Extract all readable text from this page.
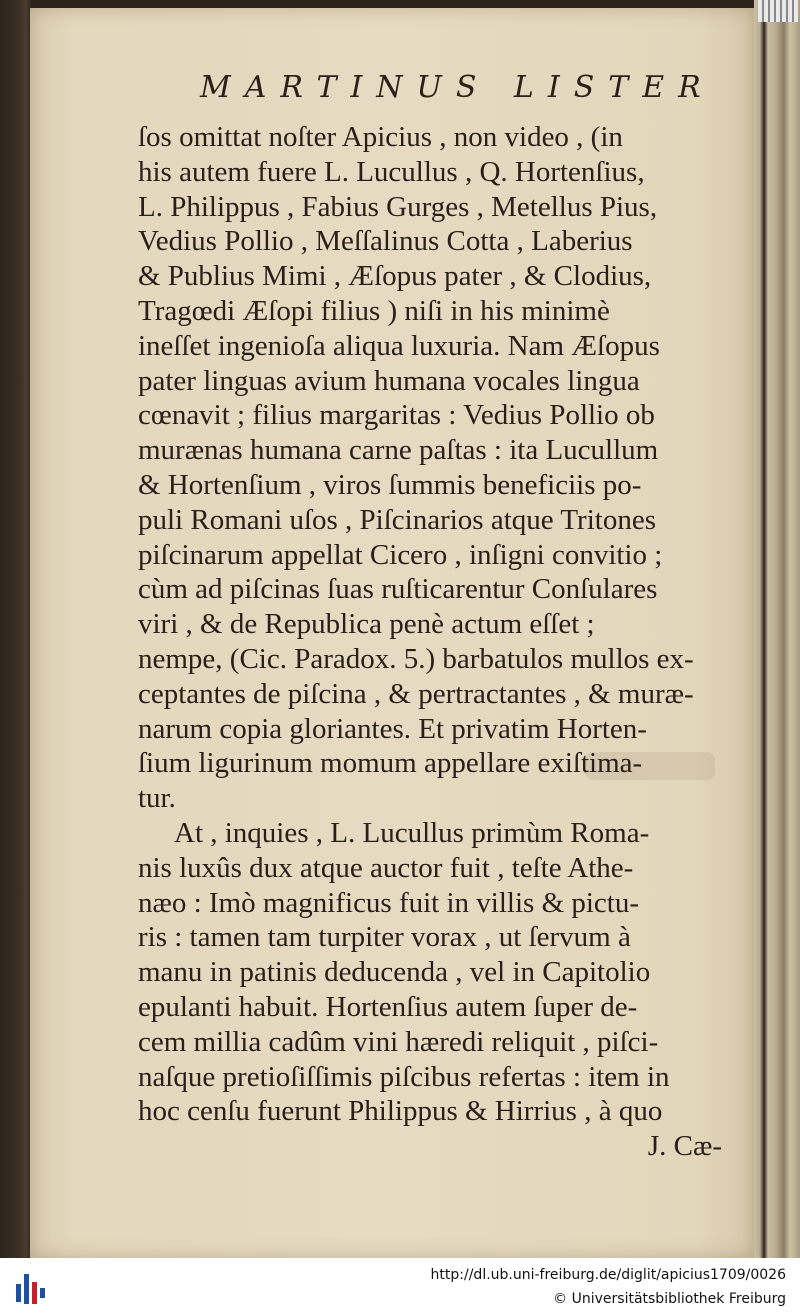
MARTINUS LISTER
ſos omittat noſter Apicius , non video , (in
his autem fuere L. Lucullus , Q. Hortenſius,
L. Philippus , Fabius Gurges , Metellus Pius,
Vedius Pollio , Meſſalinus Cotta , Laberius
& Publius Mimi , Æſopus pater , & Clodius,
Tragœdi Æſopi filius ) niſi in his minimè
ineſſet ingenioſa aliqua luxuria. Nam Æſopus
pater linguas avium humana vocales lingua
cœnavit ; filius margaritas : Vedius Pollio ob
murænas humana carne paſtas : ita Lucullum
& Hortenſium , viros ſummis beneficiis po-
puli Romani uſos , Piſcinarios atque Tritones
piſcinarum appellat Cicero , inſigni convitio ;
cùm ad piſcinas ſuas ruſticarentur Conſulares
viri , & de Republica penè actum eſſet ;
nempe, (Cic. Paradox. 5.) barbatulos mullos ex-
ceptantes de piſcina , & pertractantes , & muræ-
narum copia gloriantes. Et privatim Horten-
ſium ligurinum momum appellare exiſtima-
tur.
At , inquies , L. Lucullus primùm Roma-
nis luxûs dux atque auctor fuit , teſte Athe-
næo : Imò magnificus fuit in villis & pictu-
ris : tamen tam turpiter vorax , ut ſervum à
manu in patinis deducenda , vel in Capitolio
epulanti habuit. Hortenſius autem ſuper de-
cem millia cadûm vini hæredi reliquit , piſci-
naſque pretioſiſſimis piſcibus refertas : item in
hoc cenſu fuerunt Philippus & Hirrius , à quo
J. Cæ-
http://dl.ub.uni-freiburg.de/diglit/apicius1709/0026
© Universitätsbibliothek Freiburg
